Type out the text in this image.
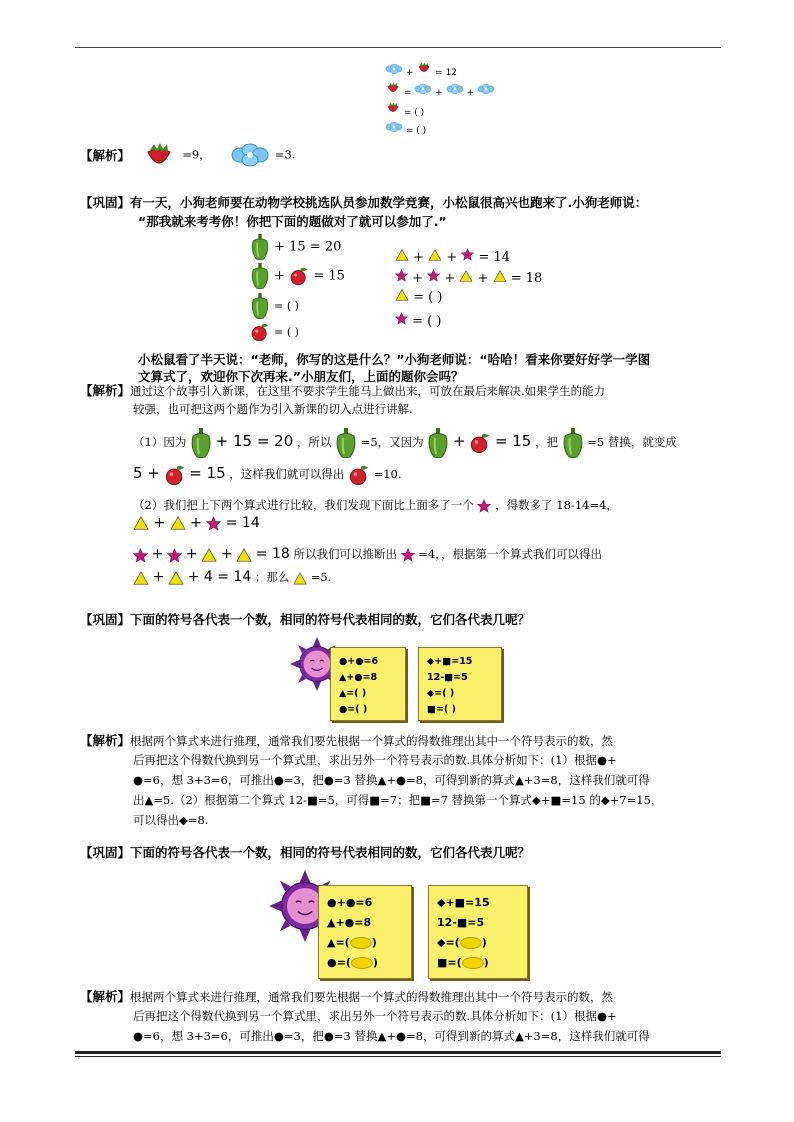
+ = 12
=	+	+
= ( )
= ( )
【解析】	=9，	=3.
【巩固】有一天，小狗老师要在动物学校挑选队员参加数学竞赛，小松鼠很高兴也跑来了.小狗老师说：
“那我就来考考你！你把下面的题做对了就可以参加了.”
+ 15 = 20
+ = 15
= ( )
= ( )
+ + = 14
+ + + = 18
= ( )
= ( )
小松鼠看了半天说：“老师，你写的这是什么？”小狗老师说：“哈哈！看来你要好好学一学图
文算式了，欢迎你下次再来.”小朋友们，上面的题你会吗？
【解析】通过这个故事引入新课，在这里不要求学生能马上做出来，可放在最后来解决.如果学生的能力
较强，也可把这两个题作为引入新课的切入点进行讲解.
（1）因为 + 15 = 20 ，所以	=5，又因为 + = 15 ，把	=5 替换，就变成
5 + = 15 ，这样我们就可以得出	=10.
（2）我们把上下两个算式进行比较，我们发现下面比上面多了一个 ，得数多了 18-14=4，
+ + = 14
+ + + = 18 所以我们可以推断出 =4，，根据第一个算式我们可以得出
+ + 4 = 14 ；那么 =5.
【巩固】下面的符号各代表一个数，相同的符号代表相同的数，它们各代表几呢？
●+●=6
▲+●=8
▲=( )
●=( )
◆+■=15
12-■=5
◆=( )
■=( )
【解析】根据两个算式来进行推理，通常我们要先根据一个算式的得数推理出其中一个符号表示的数，然
后再把这个得数代换到另一个算式里，求出另外一个符号表示的数.具体分析如下：(1）根据●+
●=6，想 3+3=6，可推出●=3，把●=3 替换▲+●=8，可得到新的算式▲+3=8，这样我们就可得
出▲=5.（2）根据第二个算式 12-■=5，可得■=7；把■=7 替换第一个算式◆+■=15 的◆+7=15，
可以得出◆=8.
【巩固】下面的符号各代表一个数，相同的符号代表相同的数，它们各代表几呢？
●+●=6
▲+●=8
▲=( )
●=( )
◆+■=15
12-■=5
◆=( )
■=( )
【解析】根据两个算式来进行推理，通常我们要先根据一个算式的得数推理出其中一个符号表示的数，然
后再把这个得数代换到另一个算式里，求出另外一个符号表示的数.具体分析如下：(1）根据●+
●=6，想 3+3=6，可推出●=3，把●=3 替换▲+●=8，可得到新的算式▲+3=8，这样我们就可得
